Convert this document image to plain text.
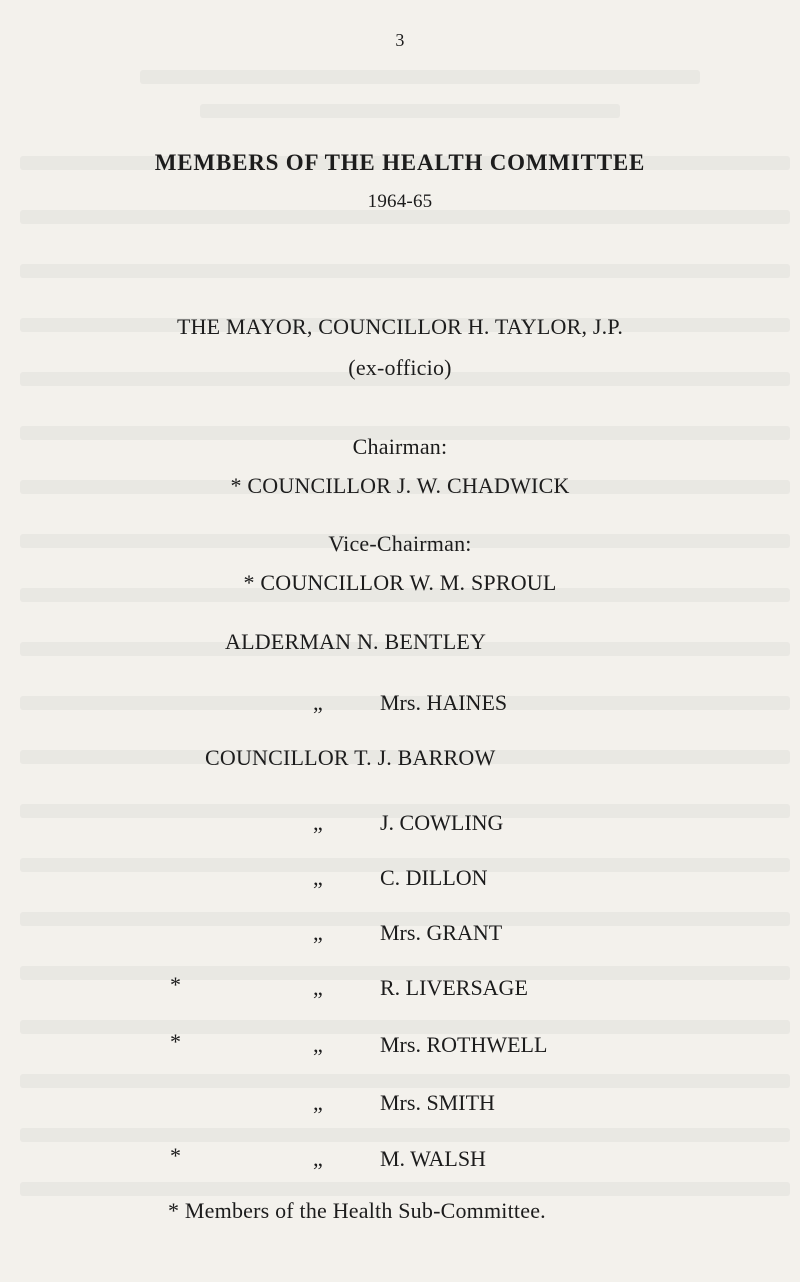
3
MEMBERS OF THE HEALTH COMMITTEE
1964-65
THE MAYOR, COUNCILLOR H. TAYLOR, J.P.
(ex-officio)
Chairman:
* COUNCILLOR J. W. CHADWICK
Vice-Chairman:
* COUNCILLOR W. M. SPROUL
ALDERMAN N. BENTLEY
„	Mrs. HAINES
COUNCILLOR T. J. BARROW
„	J. COWLING
„	C. DILLON
„	Mrs. GRANT
*	„	R. LIVERSAGE
*	„	Mrs. ROTHWELL
„	Mrs. SMITH
*	„	M. WALSH
* Members of the Health Sub-Committee.
